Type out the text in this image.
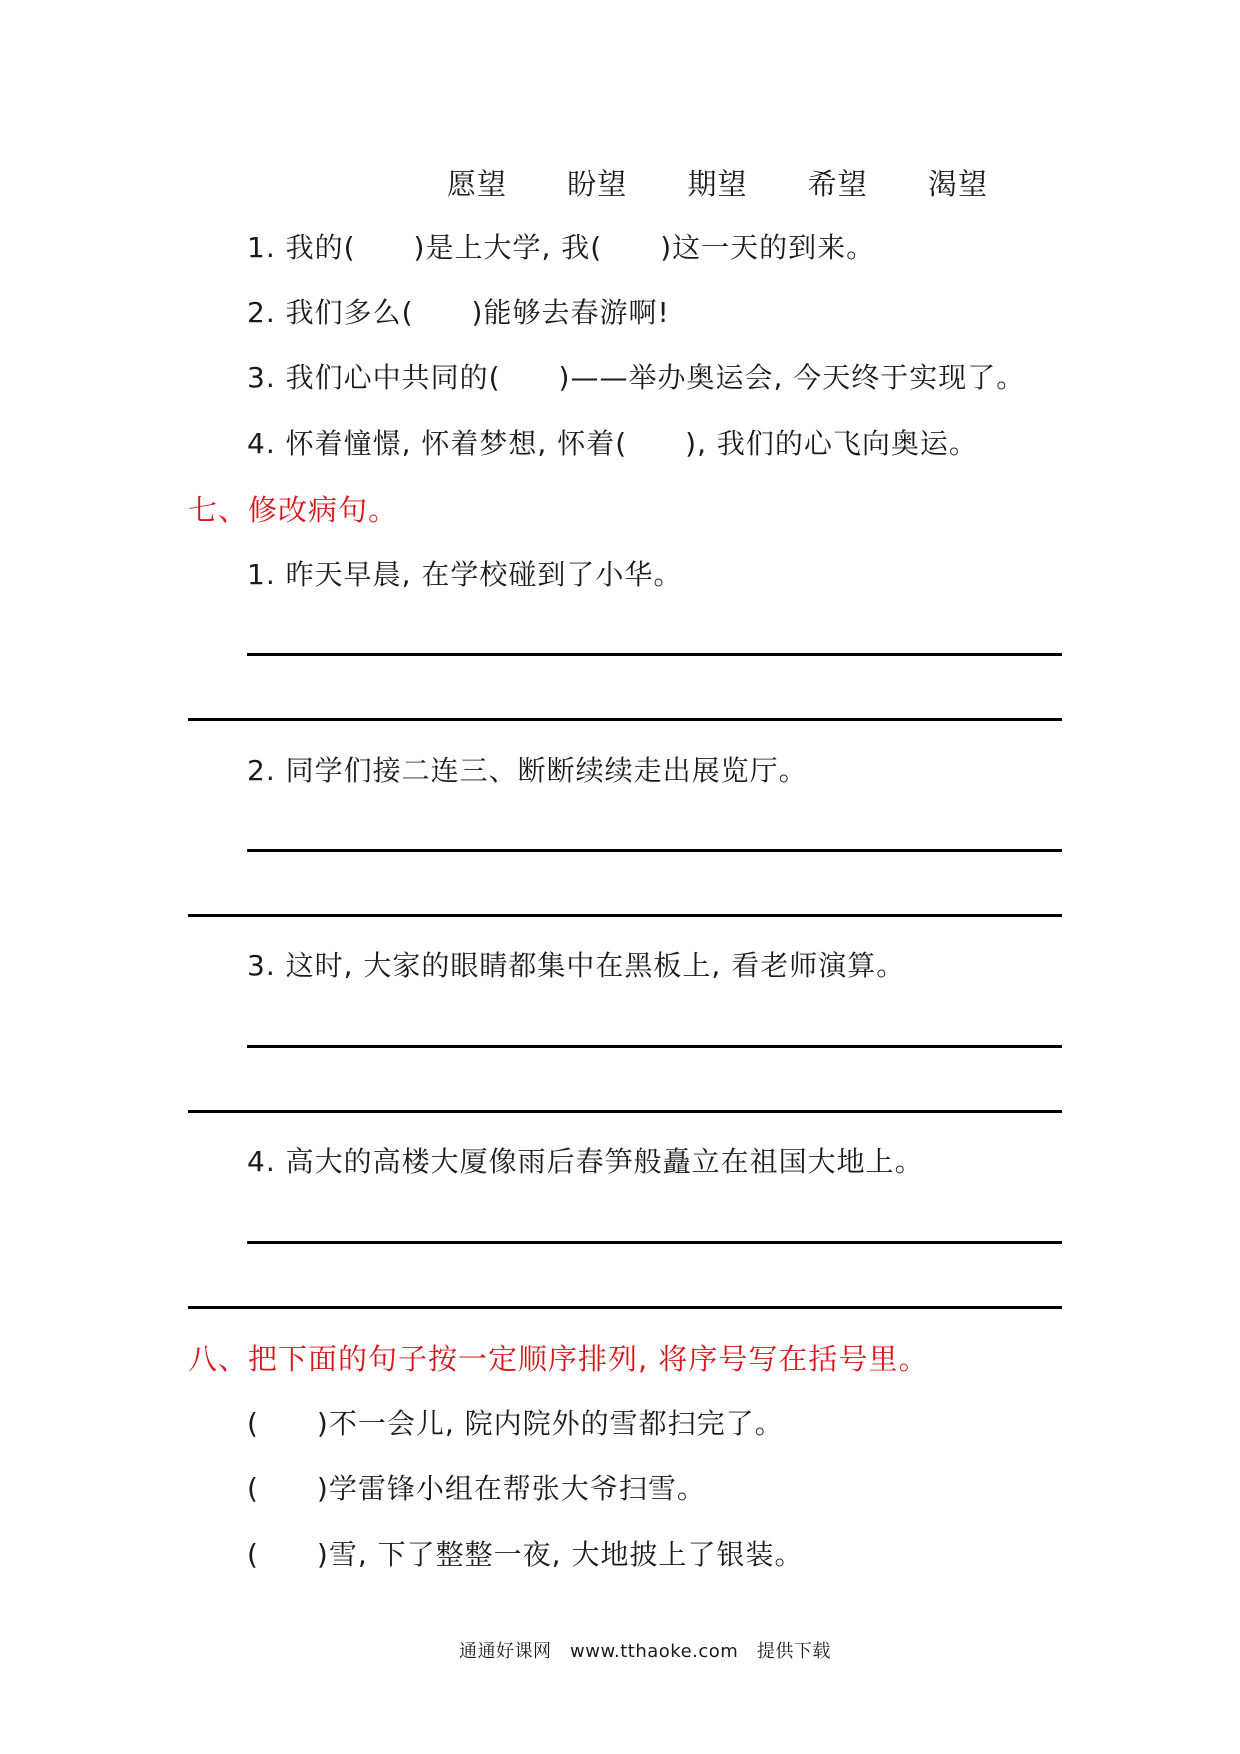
愿望 盼望 期望 希望 渴望
1. 我的(　　)是上大学, 我(　　)这一天的到来。
2. 我们多么(　　)能够去春游啊!
3. 我们心中共同的(　　)——举办奥运会, 今天终于实现了。
4. 怀着憧憬, 怀着梦想, 怀着(　　), 我们的心飞向奥运。
七、修改病句。
1. 昨天早晨, 在学校碰到了小华。
2. 同学们接二连三、断断续续走出展览厅。
3. 这时, 大家的眼睛都集中在黑板上, 看老师演算。
4. 高大的高楼大厦像雨后春笋般矗立在祖国大地上。
八、把下面的句子按一定顺序排列, 将序号写在括号里。
(　　)不一会儿, 院内院外的雪都扫完了。
(　　)学雷锋小组在帮张大爷扫雪。
(　　)雪, 下了整整一夜, 大地披上了银装。
通通好课网　www.tthaoke.com　提供下载
